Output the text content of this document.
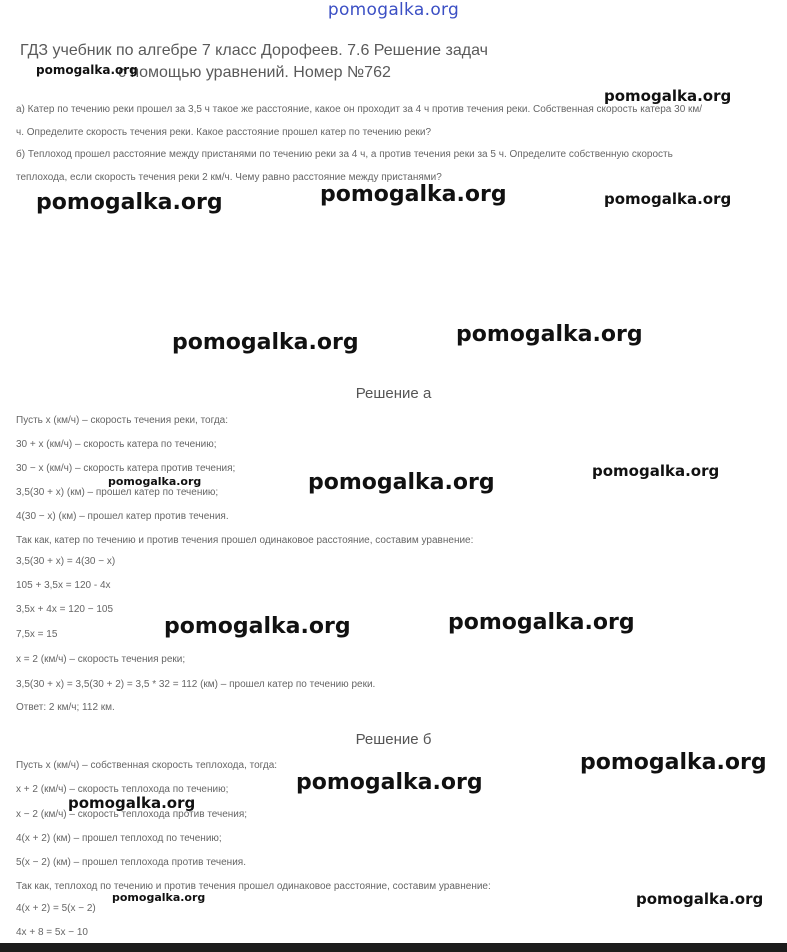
pomogalka.org
ГДЗ учебник по алгебре 7 класс Дорофеев. 7.6 Решение задач
с помощью уравнений. Номер №762
а) Катер по течению реки прошел за 3,5 ч такое же расстояние, какое он проходит за 4 ч против течения реки. Собственная скорость катера 30 км/
ч. Определите скорость течения реки. Какое расстояние прошел катер по течению реки?
б) Теплоход прошел расстояние между пристанями по течению реки за 4 ч, а против течения реки за 5 ч. Определите собственную скорость
теплохода, если скорость течения реки 2 км/ч. Чему равно расстояние между пристанями?
Решение а
Пусть x (км/ч) – скорость течения реки, тогда:
30 + x (км/ч) – скорость катера по течению;
30 − x (км/ч) – скорость катера против течения;
3,5(30 + x) (км) – прошел катер по течению;
4(30 − x) (км) – прошел катер против течения.
Так как, катер по течению и против течения прошел одинаковое расстояние, составим уравнение:
3,5(30 + x) = 4(30 − x)
105 + 3,5x = 120 - 4x
3,5x + 4x = 120 − 105
7,5x = 15
x = 2 (км/ч) – скорость течения реки;
3,5(30 + x) = 3,5(30 + 2) = 3,5 * 32 = 112 (км) – прошел катер по течению реки.
Ответ: 2 км/ч; 112 км.
Решение б
Пусть x (км/ч) – собственная скорость теплохода, тогда:
x + 2 (км/ч) – скорость теплохода по течению;
x − 2 (км/ч) – скорость теплохода против течения;
4(x + 2) (км) – прошел теплоход по течению;
5(x − 2) (км) – прошел теплохода против течения.
Так как, теплоход по течению и против течения прошел одинаковое расстояние, составим уравнение:
4(x + 2) = 5(x − 2)
4x + 8 = 5x − 10
pomogalka.org
pomogalka.org
pomogalka.org	pomogalka.org	pomogalka.org
pomogalka.org	pomogalka.org
pomogalka.org
pomogalka.org	pomogalka.org
pomogalka.org	pomogalka.org
pomogalka.org
pomogalka.org
pomogalka.org
pomogalka.org	pomogalka.org
